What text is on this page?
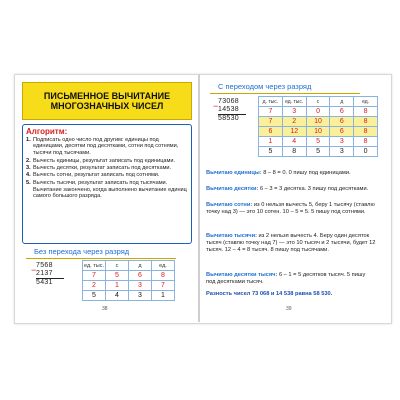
ПИСЬМЕННОЕ ВЫЧИТАНИЕ
МНОГОЗНАЧНЫХ ЧИСЕЛ
Алгоритм:
1. Подписать одно число под другим: единицы под единицами, десятки под десятками, сотни под сотнями, тысячи под тысячами.
2. Вычесть единицы, результат записать под единицами.
3. Вычесть десятки, результат записать под десятками.
4. Вычесть сотни, результат записать под сотнями.
5. Вычесть тысячи, результат записать под тысячами. Вычитание закончено, когда выполнено вычитание единиц самого большого разряда.
Без перехода через разряд
− 7568
2137
5431
ед. тыс.	с	д	ед.
7	5	6	8
2	1	3	7
5	4	3	1
38
С переходом через разряд
− 73068
14538
58530
д. тыс.	ед. тыс.	с	д	ед.
7	3	0	6	8
7	2	10	6	8
6	12	10	6	8
1	4	5	3	8
5	8	5	3	0
Вычитаю единицы: 8 – 8 = 0. 0 пишу под единицами.
Вычитаю десятки: 6 – 3 = 3 десятка. 3 пишу под десятками.
Вычитаю сотни: из 0 нельзя вычесть 5, беру 1 тысячу (ставлю точку над 3) — это 10 сотен. 10 – 5 = 5. 5 пишу под сотнями.
Вычитаю тысячи: из 2 нельзя вычесть 4. Беру один десяток тысяч (ставлю точку над 7) — это 10 тысяч и 2 тысячи, будет 12 тысяч. 12 – 4 = 8 тысяч. 8 пишу под тысячами.
Вычитаю десятки тысяч: 6 – 1 = 5 десятков тысяч. 5 пишу под десятками тысяч.
Разность чисел 73 068 и 14 538 равна 58 530.
39
